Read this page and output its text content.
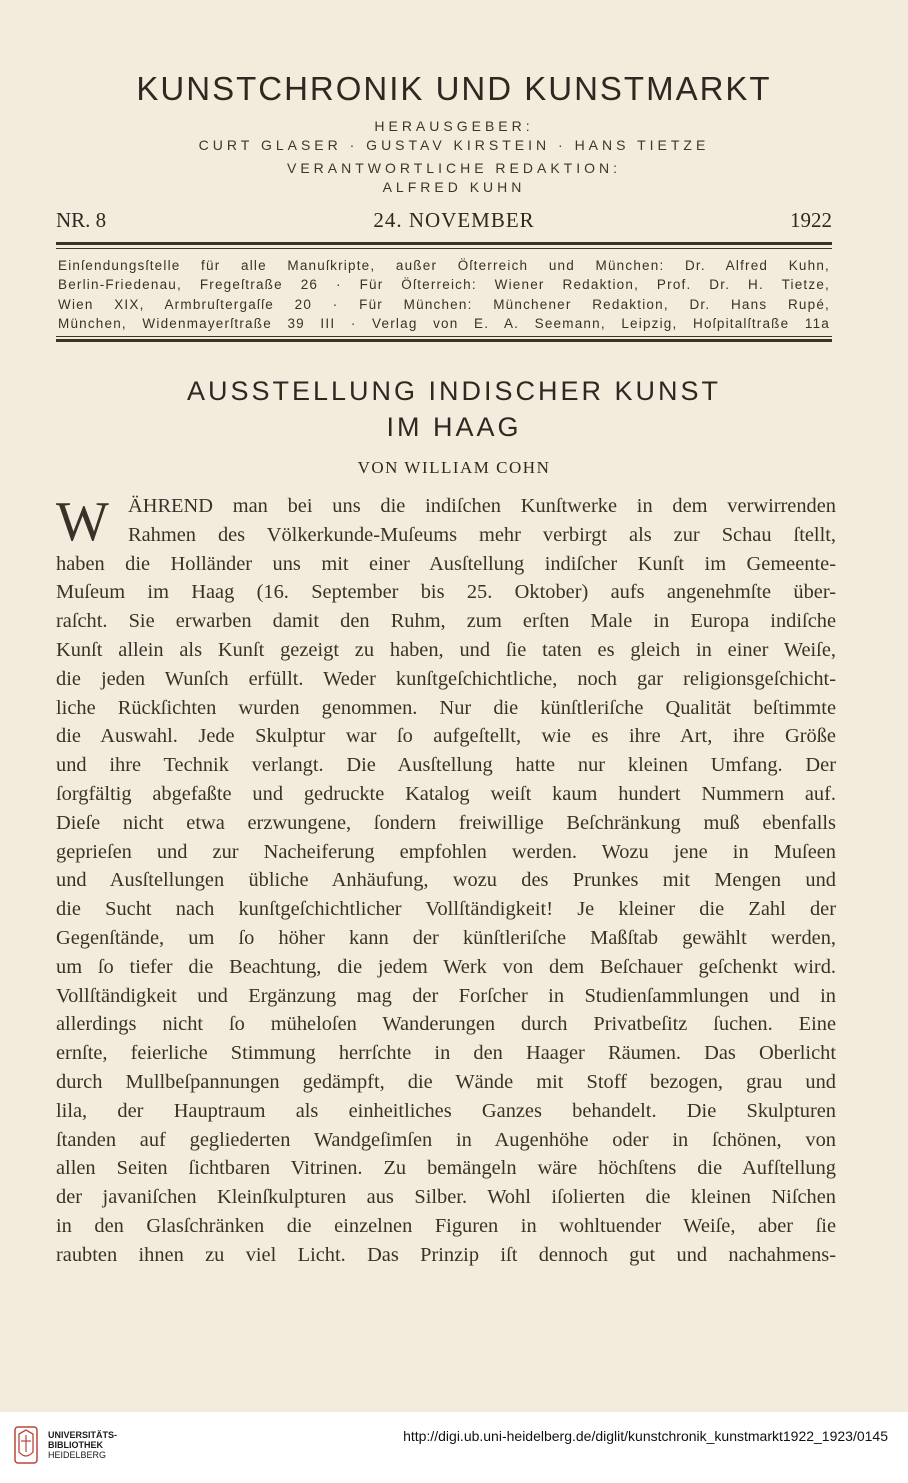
KUNSTCHRONIK UND KUNSTMARKT
HERAUSGEBER:
CURT GLASER · GUSTAV KIRSTEIN · HANS TIETZE
VERANTWORTLICHE REDAKTION:
ALFRED KUHN
NR. 8	24. NOVEMBER	1922
Einſendungsſtelle für alle Manuſkripte, außer Öſterreich und München: Dr. Alfred Kuhn,
Berlin-Friedenau, Fregeſtraße 26 · Für Öſterreich: Wiener Redaktion, Prof. Dr. H. Tietze,
Wien XIX, Armbruſtergaſſe 20 · Für München: Münchener Redaktion, Dr. Hans Rupé,
München, Widenmayerſtraße 39 III · Verlag von E. A. Seemann, Leipzig, Hoſpitalſtraße 11a
AUSSTELLUNG INDISCHER KUNST
IM HAAG
VON WILLIAM COHN
W ÄHREND man bei uns die indiſchen Kunſtwerke in dem verwirrenden
Rahmen des Völkerkunde-Muſeums mehr verbirgt als zur Schau ſtellt,
haben die Holländer uns mit einer Ausſtellung indiſcher Kunſt im Gemeente-
Muſeum im Haag (16. September bis 25. Oktober) aufs angenehmſte über-
raſcht. Sie erwarben damit den Ruhm, zum erſten Male in Europa indiſche
Kunſt allein als Kunſt gezeigt zu haben, und ſie taten es gleich in einer Weiſe,
die jeden Wunſch erfüllt. Weder kunſtgeſchichtliche, noch gar religionsgeſchicht-
liche Rückſichten wurden genommen. Nur die künſtleriſche Qualität beſtimmte
die Auswahl. Jede Skulptur war ſo aufgeſtellt, wie es ihre Art, ihre Größe
und ihre Technik verlangt. Die Ausſtellung hatte nur kleinen Umfang. Der
ſorgfältig abgefaßte und gedruckte Katalog weiſt kaum hundert Nummern auf.
Dieſe nicht etwa erzwungene, ſondern freiwillige Beſchränkung muß ebenfalls
geprieſen und zur Nacheiferung empfohlen werden. Wozu jene in Muſeen
und Ausſtellungen übliche Anhäufung, wozu des Prunkes mit Mengen und
die Sucht nach kunſtgeſchichtlicher Vollſtändigkeit! Je kleiner die Zahl der
Gegenſtände, um ſo höher kann der künſtleriſche Maßſtab gewählt werden,
um ſo tiefer die Beachtung, die jedem Werk von dem Beſchauer geſchenkt wird.
Vollſtändigkeit und Ergänzung mag der Forſcher in Studienſammlungen und in
allerdings nicht ſo müheloſen Wanderungen durch Privatbeſitz ſuchen. Eine
ernſte, feierliche Stimmung herrſchte in den Haager Räumen. Das Oberlicht
durch Mullbeſpannungen gedämpft, die Wände mit Stoff bezogen, grau und
lila, der Hauptraum als einheitliches Ganzes behandelt. Die Skulpturen
ſtanden auf gegliederten Wandgeſimſen in Augenhöhe oder in ſchönen, von
allen Seiten ſichtbaren Vitrinen. Zu bemängeln wäre höchſtens die Aufſtellung
der javaniſchen Kleinſkulpturen aus Silber. Wohl iſolierten die kleinen Niſchen
in den Glasſchränken die einzelnen Figuren in wohltuender Weiſe, aber ſie
raubten ihnen zu viel Licht. Das Prinzip iſt dennoch gut und nachahmens-
UNIVERSITÄTS-
BIBLIOTHEK
HEIDELBERG
http://digi.ub.uni-heidelberg.de/diglit/kunstchronik_kunstmarkt1922_1923/0145
